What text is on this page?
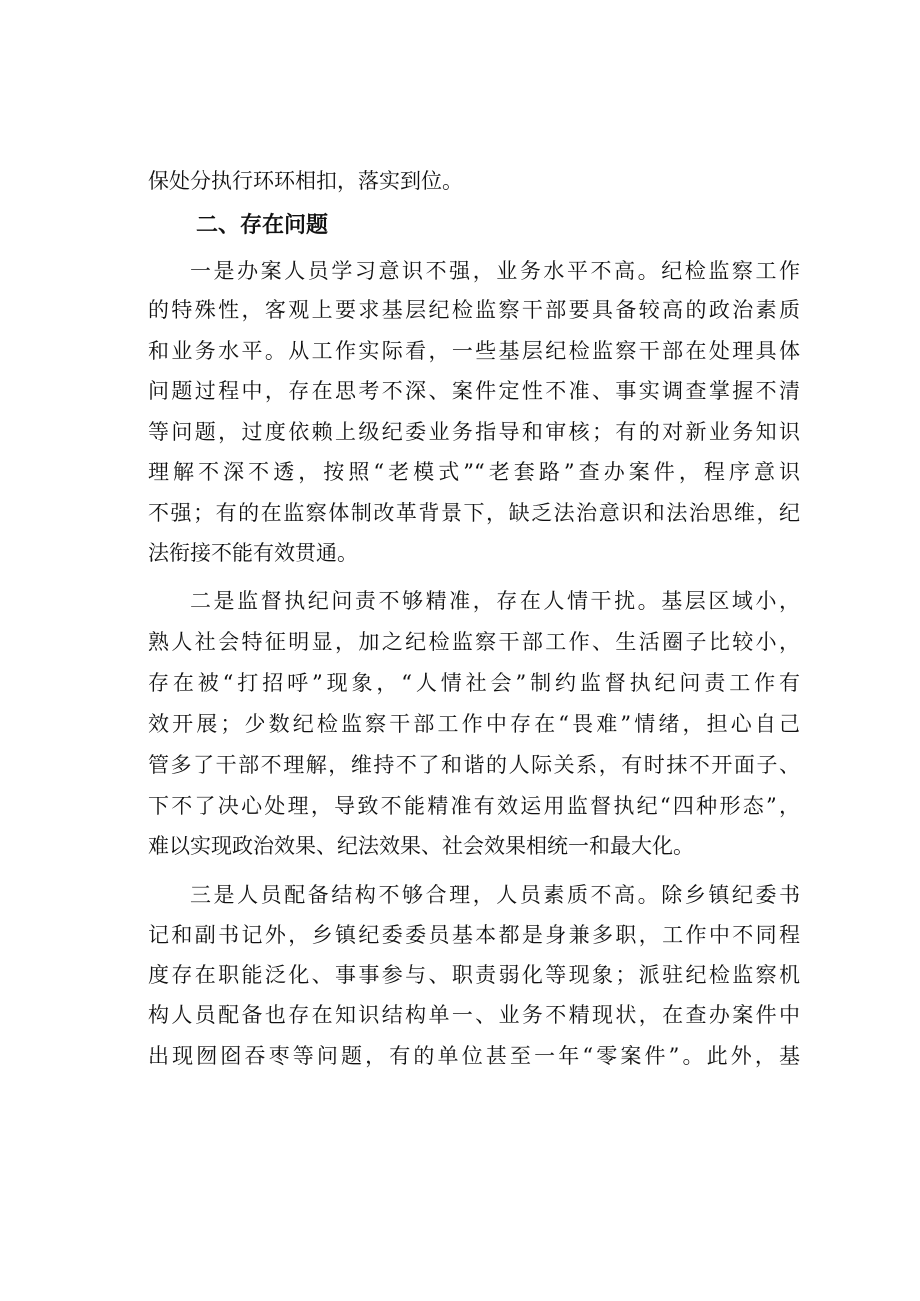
保处分执行环环相扣，落实到位。
二、存在问题
一是办案人员学习意识不强，业务水平不高。纪检监察工作
的特殊性，客观上要求基层纪检监察干部要具备较高的政治素质
和业务水平。从工作实际看，一些基层纪检监察干部在处理具体
问题过程中，存在思考不深、案件定性不准、事实调查掌握不清
等问题，过度依赖上级纪委业务指导和审核；有的对新业务知识
理解不深不透，按照“老模式”“老套路”查办案件，程序意识
不强；有的在监察体制改革背景下，缺乏法治意识和法治思维，纪
法衔接不能有效贯通。
二是监督执纪问责不够精准，存在人情干扰。基层区域小，
熟人社会特征明显，加之纪检监察干部工作、生活圈子比较小，
存在被“打招呼”现象，“人情社会”制约监督执纪问责工作有
效开展；少数纪检监察干部工作中存在“畏难”情绪，担心自己
管多了干部不理解，维持不了和谐的人际关系，有时抹不开面子、
下不了决心处理，导致不能精准有效运用监督执纪“四种形态”，
难以实现政治效果、纪法效果、社会效果相统一和最大化。
三是人员配备结构不够合理，人员素质不高。除乡镇纪委书
记和副书记外，乡镇纪委委员基本都是身兼多职，工作中不同程
度存在职能泛化、事事参与、职责弱化等现象；派驻纪检监察机
构人员配备也存在知识结构单一、业务不精现状，在查办案件中
出现囫囵吞枣等问题，有的单位甚至一年“零案件”。此外，基
